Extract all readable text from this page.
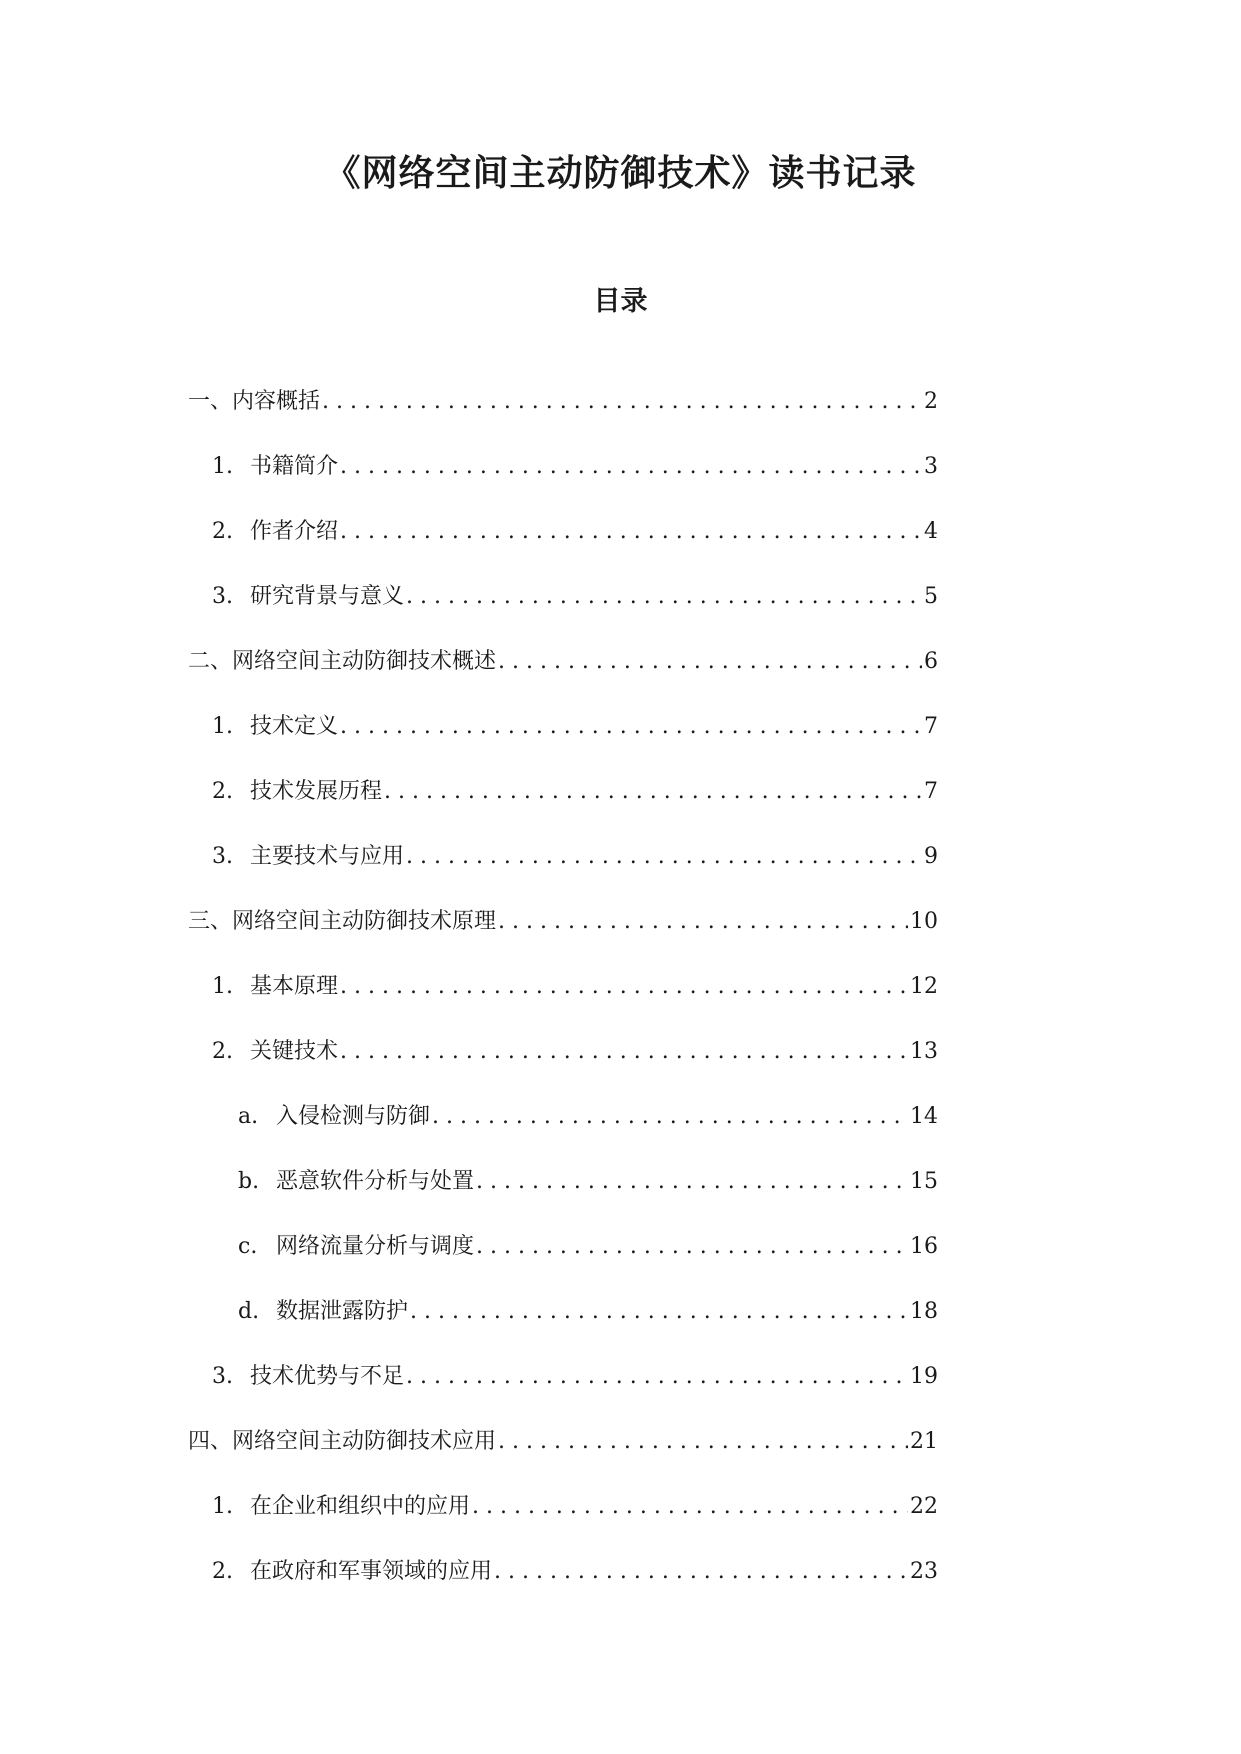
《网络空间主动防御技术》读书记录
目录
一、内容概括 . . .	2
1. 书籍简介 . . .	3
2. 作者介绍 . . .	4
3. 研究背景与意义 . . .	5
二、网络空间主动防御技术概述 . . .	6
1. 技术定义 . . .	7
2. 技术发展历程 . . .	7
3. 主要技术与应用 . . .	9
三、网络空间主动防御技术原理 . . .	10
1. 基本原理 . . .	12
2. 关键技术 . . .	13
a. 入侵检测与防御 . . .	14
b. 恶意软件分析与处置 . . .	15
c. 网络流量分析与调度 . . .	16
d. 数据泄露防护 . . .	18
3. 技术优势与不足 . . .	19
四、网络空间主动防御技术应用 . . .	21
1. 在企业和组织中的应用 . . .	22
2. 在政府和军事领域的应用 . . .	23
